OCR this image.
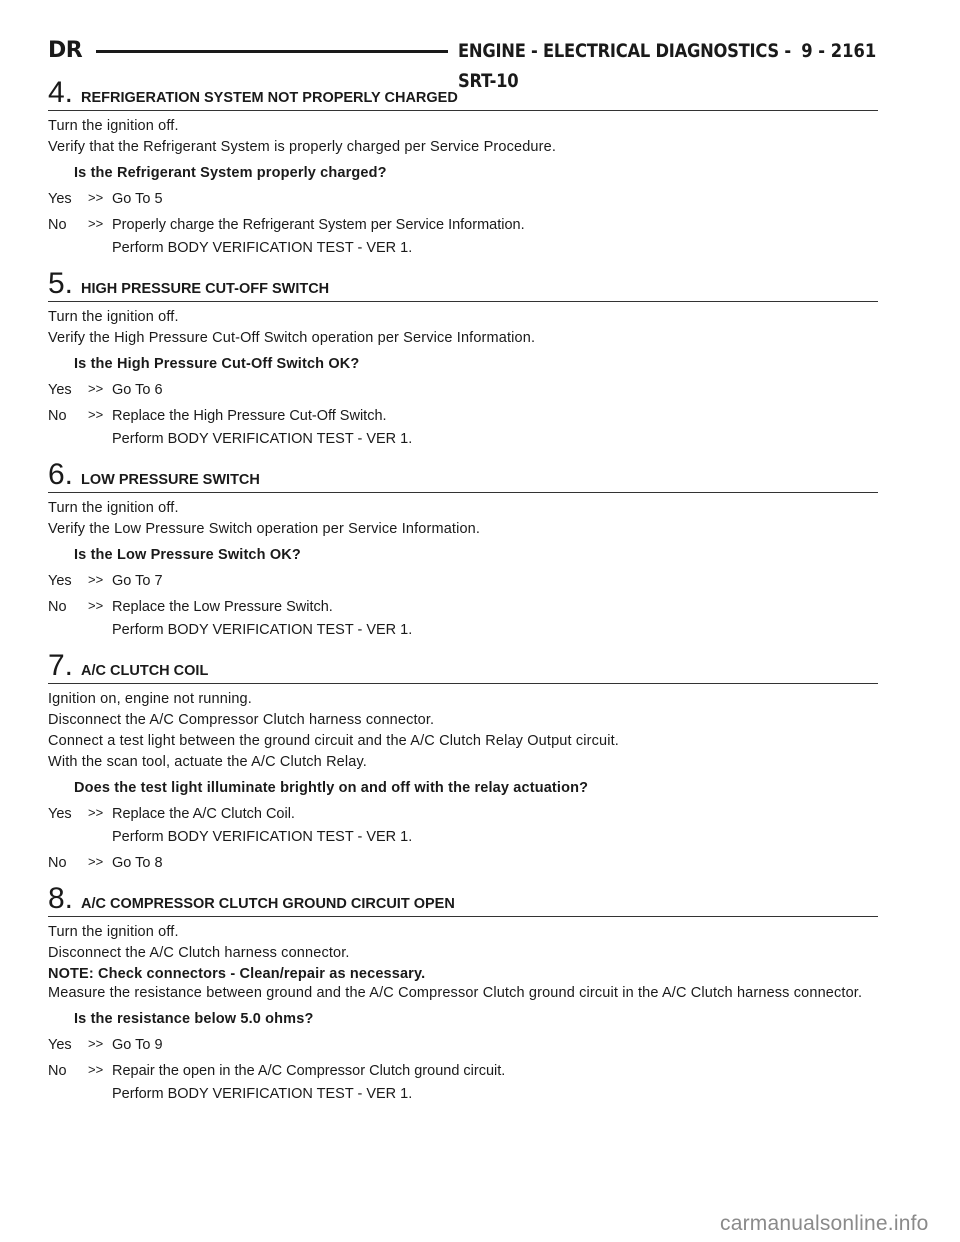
DR	ENGINE - ELECTRICAL DIAGNOSTICS - SRT-10
9 - 2161
4. REFRIGERATION SYSTEM NOT PROPERLY CHARGED
Turn the ignition off.
Verify that the Refrigerant System is properly charged per Service Procedure.
Is the Refrigerant System properly charged?
Yes	>> Go To 5
No	>> Properly charge the Refrigerant System per Service Information.
Perform BODY VERIFICATION TEST - VER 1.
5. HIGH PRESSURE CUT-OFF SWITCH
Turn the ignition off.
Verify the High Pressure Cut-Off Switch operation per Service Information.
Is the High Pressure Cut-Off Switch OK?
Yes	>> Go To 6
No	>> Replace the High Pressure Cut-Off Switch.
Perform BODY VERIFICATION TEST - VER 1.
6. LOW PRESSURE SWITCH
Turn the ignition off.
Verify the Low Pressure Switch operation per Service Information.
Is the Low Pressure Switch OK?
Yes	>> Go To 7
No	>> Replace the Low Pressure Switch.
Perform BODY VERIFICATION TEST - VER 1.
7. A/C CLUTCH COIL
Ignition on, engine not running.
Disconnect the A/C Compressor Clutch harness connector.
Connect a test light between the ground circuit and the A/C Clutch Relay Output circuit.
With the scan tool, actuate the A/C Clutch Relay.
Does the test light illuminate brightly on and off with the relay actuation?
Yes	>> Replace the A/C Clutch Coil.
Perform BODY VERIFICATION TEST - VER 1.
No	>> Go To 8
8. A/C COMPRESSOR CLUTCH GROUND CIRCUIT OPEN
Turn the ignition off.
Disconnect the A/C Clutch harness connector.
NOTE: Check connectors - Clean/repair as necessary.
Measure the resistance between ground and the A/C Compressor Clutch ground circuit in the A/C Clutch harness connector.
Is the resistance below 5.0 ohms?
Yes	>> Go To 9
No	>> Repair the open in the A/C Compressor Clutch ground circuit.
Perform BODY VERIFICATION TEST - VER 1.
carmanualsonline.info
